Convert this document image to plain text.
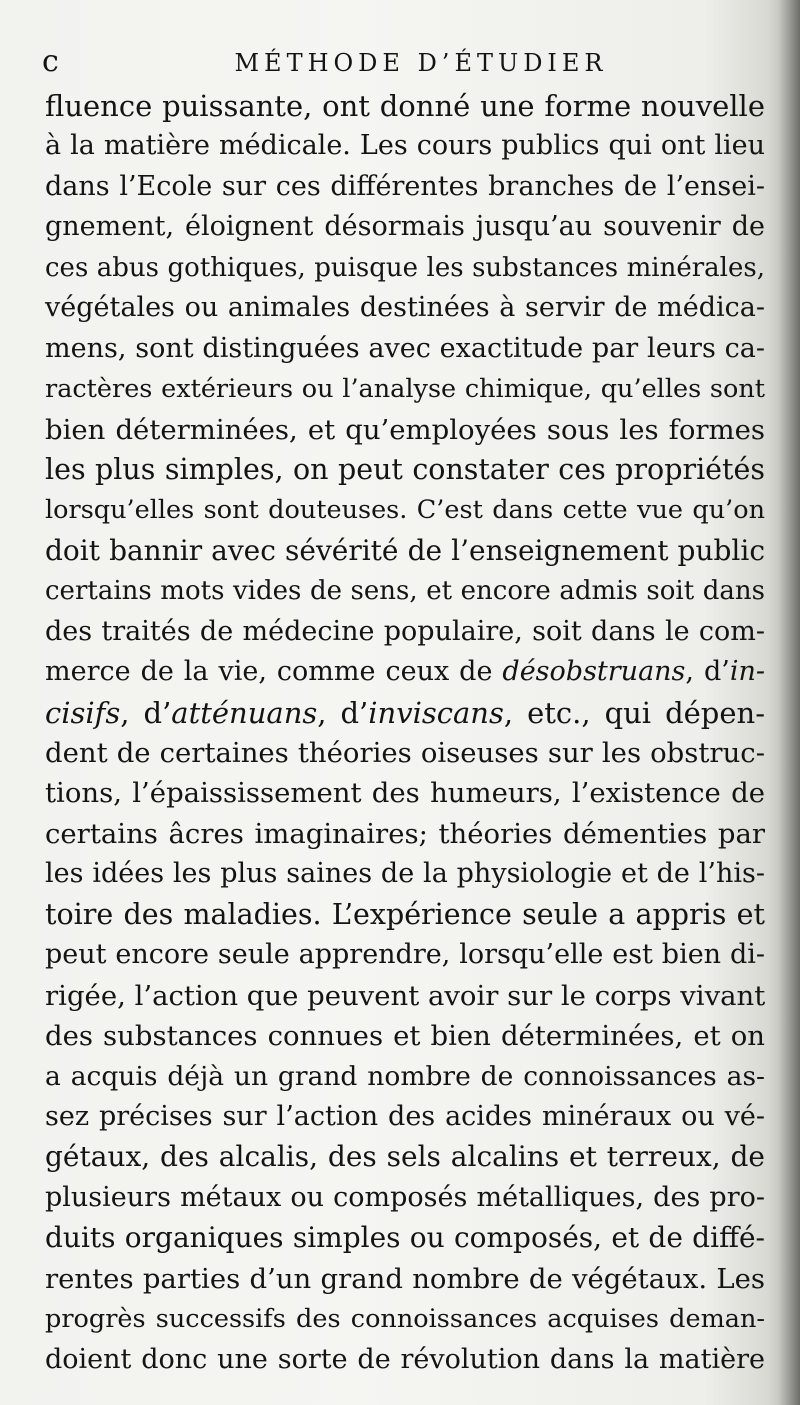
c	MÉTHODE D’ÉTUDIER
fluence puissante, ont donné une forme nouvelle
à la matière médicale. Les cours publics qui ont lieu
dans l’Ecole sur ces différentes branches de l’ensei-
gnement, éloignent désormais jusqu’au souvenir de
ces abus gothiques, puisque les substances minérales,
végétales ou animales destinées à servir de médica-
mens, sont distinguées avec exactitude par leurs ca-
ractères extérieurs ou l’analyse chimique, qu’elles sont
bien déterminées, et qu’employées sous les formes
les plus simples, on peut constater ces propriétés
lorsqu’elles sont douteuses. C’est dans cette vue qu’on
doit bannir avec sévérité de l’enseignement public
certains mots vides de sens, et encore admis soit dans
des traités de médecine populaire, soit dans le com-
merce de la vie, comme ceux de désobstruans, d’in-
cisifs, d’atténuans, d’inviscans, etc., qui dépen-
dent de certaines théories oiseuses sur les obstruc-
tions, l’épaississement des humeurs, l’existence de
certains âcres imaginaires; théories démenties par
les idées les plus saines de la physiologie et de l’his-
toire des maladies. L’expérience seule a appris et
peut encore seule apprendre, lorsqu’elle est bien di-
rigée, l’action que peuvent avoir sur le corps vivant
des substances connues et bien déterminées, et on
a acquis déjà un grand nombre de connoissances as-
sez précises sur l’action des acides minéraux ou vé-
gétaux, des alcalis, des sels alcalins et terreux, de
plusieurs métaux ou composés métalliques, des pro-
duits organiques simples ou composés, et de diffé-
rentes parties d’un grand nombre de végétaux. Les
progrès successifs des connoissances acquises deman-
doient donc une sorte de révolution dans la matière
